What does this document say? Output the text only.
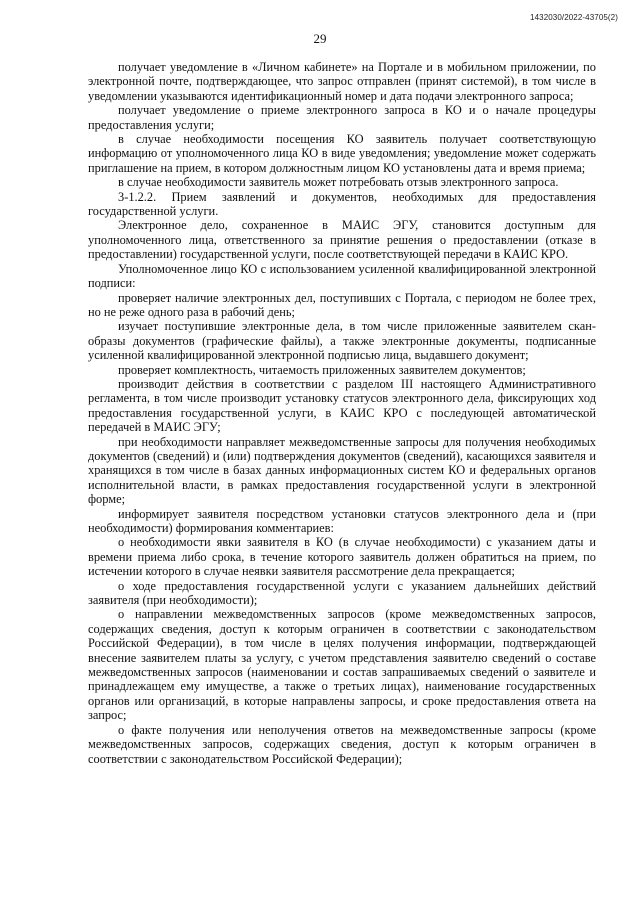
1432030/2022-43705(2)
29

получает уведомление в «Личном кабинете» на Портале и в мобильном приложении, по электронной почте, подтверждающее, что запрос отправлен (принят системой), в том числе в уведомлении указываются идентификационный номер и дата подачи электронного запроса;

получает уведомление о приеме электронного запроса в КО и о начале процедуры предоставления услуги;

в случае необходимости посещения КО заявитель получает соответствующую информацию от уполномоченного лица КО в виде уведомления; уведомление может содержать приглашение на прием, в котором должностным лицом КО установлены дата и время приема;

в случае необходимости заявитель может потребовать отзыв электронного запроса.

3-1.2.2. Прием заявлений и документов, необходимых для предоставления государственной услуги.

Электронное дело, сохраненное в МАИС ЭГУ, становится доступным для уполномоченного лица, ответственного за принятие решения о предоставлении (отказе в предоставлении) государственной услуги, после соответствующей передачи в КАИС КРО.

Уполномоченное лицо КО с использованием усиленной квалифицированной электронной подписи:

проверяет наличие электронных дел, поступивших с Портала, с периодом не более трех, но не реже одного раза в рабочий день;

изучает поступившие электронные дела, в том числе приложенные заявителем скан-образы документов (графические файлы), а также электронные документы, подписанные усиленной квалифицированной электронной подписью лица, выдавшего документ;

проверяет комплектность, читаемость приложенных заявителем документов;

производит действия в соответствии с разделом III настоящего Административного регламента, в том числе производит установку статусов электронного дела, фиксирующих ход предоставления государственной услуги, в КАИС КРО с последующей автоматической передачей в МАИС ЭГУ;

при необходимости направляет межведомственные запросы для получения необходимых документов (сведений) и (или) подтверждения документов (сведений), касающихся заявителя и хранящихся в том числе в базах данных информационных систем КО и федеральных органов исполнительной власти, в рамках предоставления государственной услуги в электронной форме;

информирует заявителя посредством установки статусов электронного дела и (при необходимости) формирования комментариев:

о необходимости явки заявителя в КО (в случае необходимости) с указанием даты и времени приема либо срока, в течение которого заявитель должен обратиться на прием, по истечении которого в случае неявки заявителя рассмотрение дела прекращается;

о ходе предоставления государственной услуги с указанием дальнейших действий заявителя (при необходимости);

о направлении межведомственных запросов (кроме межведомственных запросов, содержащих сведения, доступ к которым ограничен в соответствии с законодательством Российской Федерации), в том числе в целях получения информации, подтверждающей внесение заявителем платы за услугу, с учетом представления заявителю сведений о составе межведомственных запросов (наименовании и состав запрашиваемых сведений о заявителе и принадлежащем ему имуществе, а также о третьих лицах), наименование государственных органов или организаций, в которые направлены запросы, и сроке предоставления ответа на запрос;

о факте получения или неполучения ответов на межведомственные запросы (кроме межведомственных запросов, содержащих сведения, доступ к которым ограничен в соответствии с законодательством Российской Федерации);
